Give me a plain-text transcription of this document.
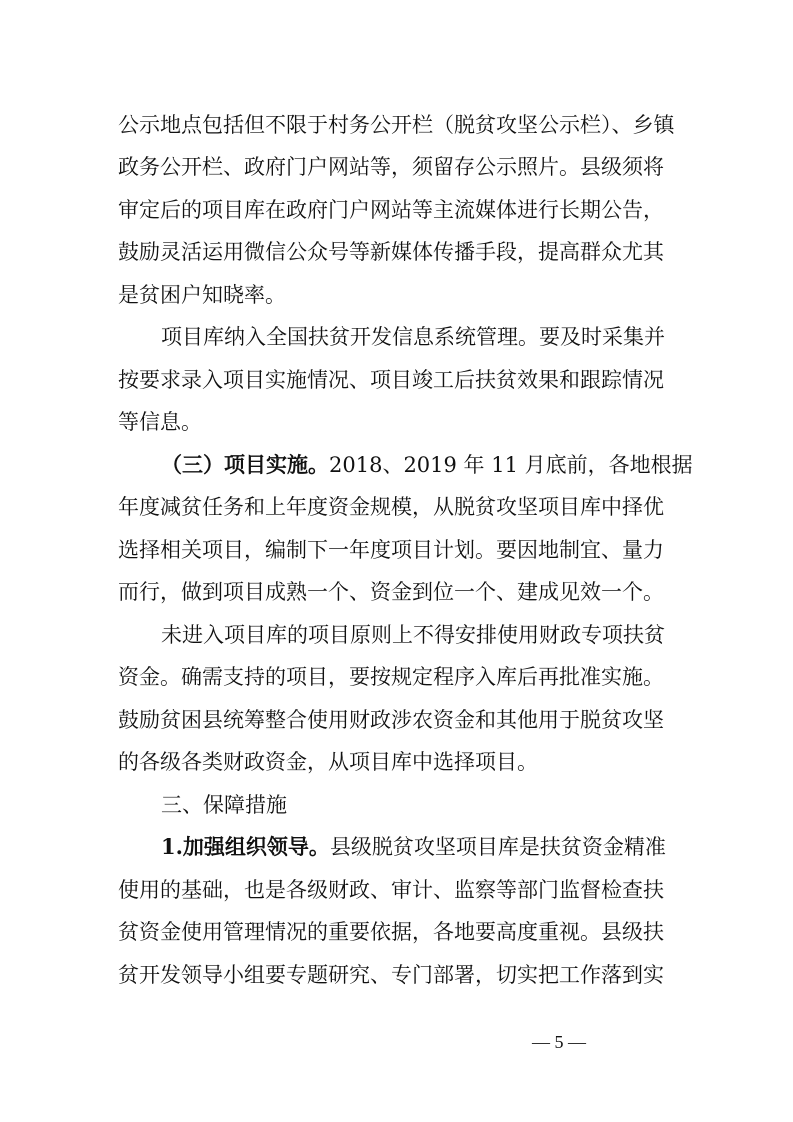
公示地点包括但不限于村务公开栏（脱贫攻坚公示栏）、乡镇
政务公开栏、政府门户网站等，须留存公示照片。县级须将
审定后的项目库在政府门户网站等主流媒体进行长期公告，
鼓励灵活运用微信公众号等新媒体传播手段，提高群众尤其
是贫困户知晓率。
项目库纳入全国扶贫开发信息系统管理。要及时采集并
按要求录入项目实施情况、项目竣工后扶贫效果和跟踪情况
等信息。
（三）项目实施。2018、2019 年 11 月底前，各地根据
年度减贫任务和上年度资金规模，从脱贫攻坚项目库中择优
选择相关项目，编制下一年度项目计划。要因地制宜、量力
而行，做到项目成熟一个、资金到位一个、建成见效一个。
未进入项目库的项目原则上不得安排使用财政专项扶贫
资金。确需支持的项目，要按规定程序入库后再批准实施。
鼓励贫困县统筹整合使用财政涉农资金和其他用于脱贫攻坚
的各级各类财政资金，从项目库中选择项目。
三、保障措施
1.加强组织领导。县级脱贫攻坚项目库是扶贫资金精准
使用的基础，也是各级财政、审计、监察等部门监督检查扶
贫资金使用管理情况的重要依据，各地要高度重视。县级扶
贫开发领导小组要专题研究、专门部署，切实把工作落到实
— 5 —
